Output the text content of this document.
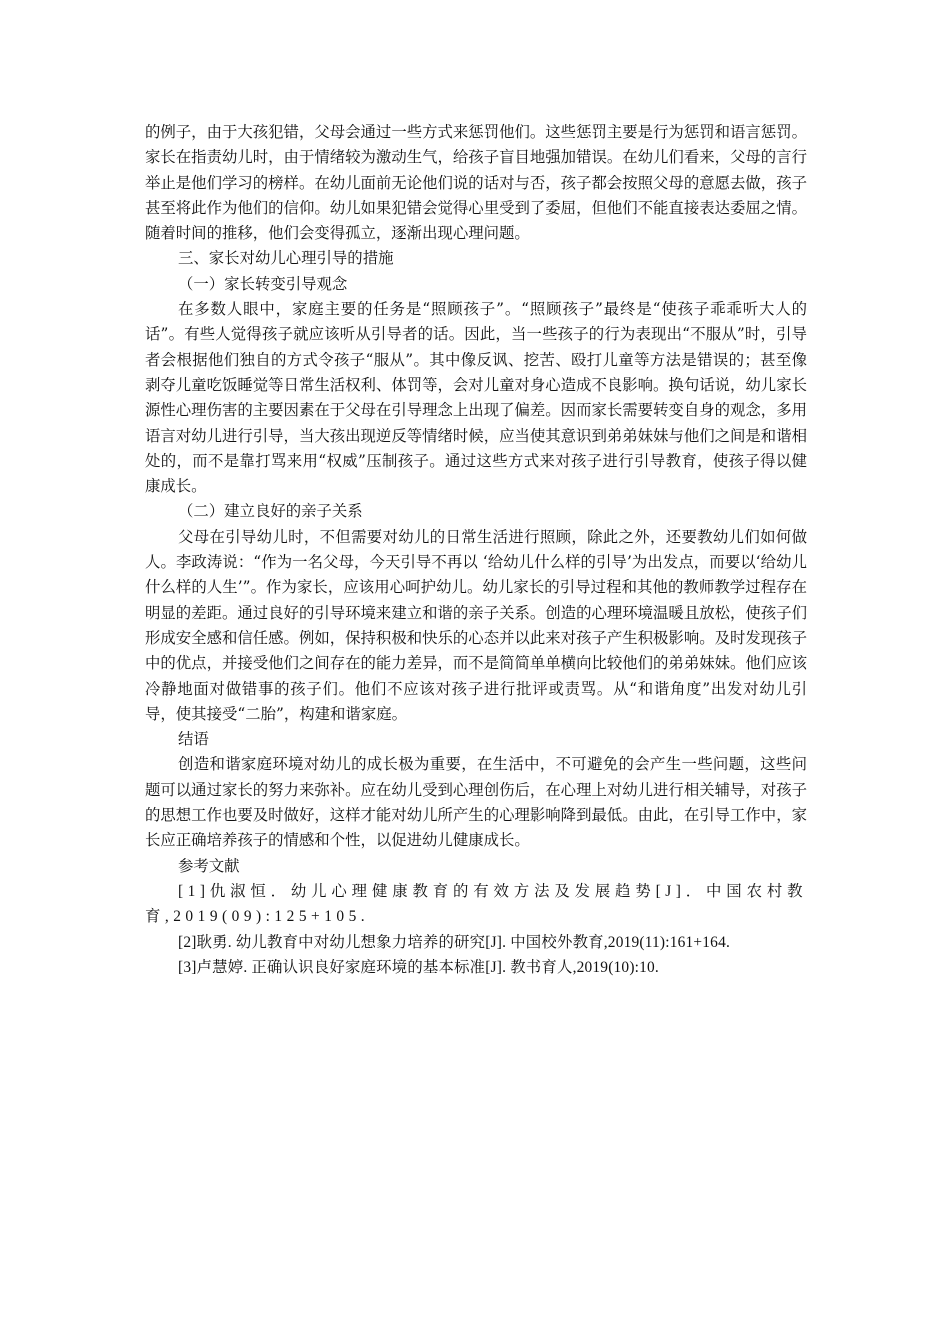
的例子，由于大孩犯错，父母会通过一些方式来惩罚他们。这些惩罚主要是行为惩罚和语言惩罚。家长在指责幼儿时，由于情绪较为激动生气，给孩子盲目地强加错误。在幼儿们看来，父母的言行举止是他们学习的榜样。在幼儿面前无论他们说的话对与否，孩子都会按照父母的意愿去做，孩子甚至将此作为他们的信仰。幼儿如果犯错会觉得心里受到了委屈，但他们不能直接表达委屈之情。随着时间的推移，他们会变得孤立，逐渐出现心理问题。

三、家长对幼儿心理引导的措施

（一）家长转变引导观念

在多数人眼中，家庭主要的任务是“照顾孩子”。“照顾孩子”最终是“使孩子乖乖听大人的话”。有些人觉得孩子就应该听从引导者的话。因此，当一些孩子的行为表现出“不服从”时，引导者会根据他们独自的方式令孩子“服从”。其中像反讽、挖苦、殴打儿童等方法是错误的；甚至像剥夺儿童吃饭睡觉等日常生活权利、体罚等，会对儿童对身心造成不良影响。换句话说，幼儿家长源性心理伤害的主要因素在于父母在引导理念上出现了偏差。因而家长需要转变自身的观念，多用语言对幼儿进行引导，当大孩出现逆反等情绪时候，应当使其意识到弟弟妹妹与他们之间是和谐相处的，而不是靠打骂来用“权威”压制孩子。通过这些方式来对孩子进行引导教育，使孩子得以健康成长。

（二）建立良好的亲子关系

父母在引导幼儿时，不但需要对幼儿的日常生活进行照顾，除此之外，还要教幼儿们如何做人。李政涛说：“作为一名父母，今天引导不再以 ‘给幼儿什么样的引导’为出发点，而要以‘给幼儿什么样的人生’”。作为家长，应该用心呵护幼儿。幼儿家长的引导过程和其他的教师教学过程存在明显的差距。通过良好的引导环境来建立和谐的亲子关系。创造的心理环境温暖且放松，使孩子们形成安全感和信任感。例如，保持积极和快乐的心态并以此来对孩子产生积极影响。及时发现孩子中的优点，并接受他们之间存在的能力差异，而不是简简单单横向比较他们的弟弟妹妹。他们应该冷静地面对做错事的孩子们。他们不应该对孩子进行批评或责骂。从“和谐角度”出发对幼儿引导，使其接受“二胎”，构建和谐家庭。

结语

创造和谐家庭环境对幼儿的成长极为重要，在生活中，不可避免的会产生一些问题，这些问题可以通过家长的努力来弥补。应在幼儿受到心理创伤后，在心理上对幼儿进行相关辅导，对孩子的思想工作也要及时做好，这样才能对幼儿所产生的心理影响降到最低。由此，在引导工作中，家长应正确培养孩子的情感和个性，以促进幼儿健康成长。

参考文献

[1]仇淑恒．幼儿心理健康教育的有效方法及发展趋势[J]．中国农村教育,2019(09):125+105.

[2]耿勇. 幼儿教育中对幼儿想象力培养的研究[J]. 中国校外教育,2019(11):161+164.

[3]卢慧婷. 正确认识良好家庭环境的基本标准[J]. 教书育人,2019(10):10.
